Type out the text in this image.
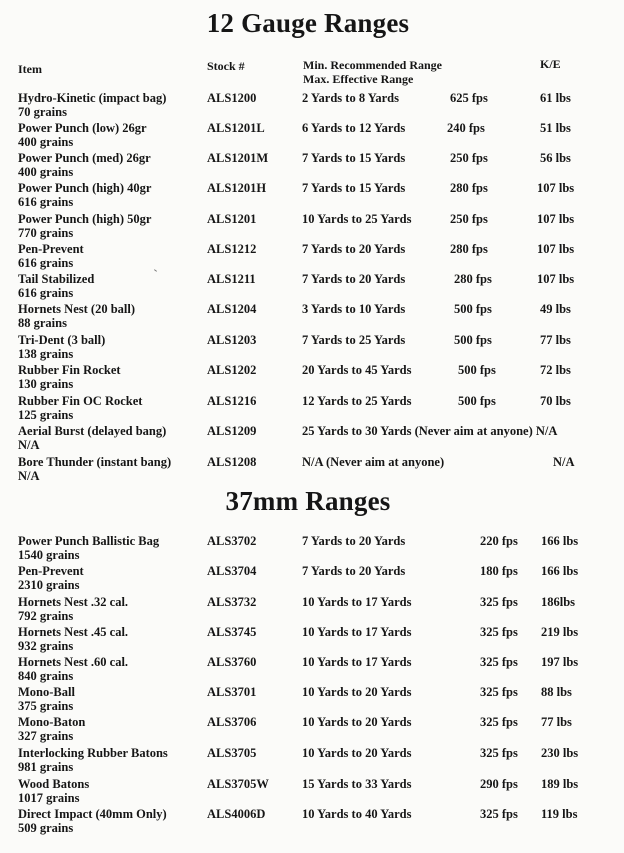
12 Gauge Ranges
Item	Stock #	Min. Recommended Range
Max. Effective Range
K/E
Hydro-Kinetic (impact bag)
70 grains
ALS1200	2 Yards to 8 Yards	625 fps	61 lbs
Power Punch (low) 26gr
400 grains
ALS1201L	6 Yards to 12 Yards	240 fps	51 lbs
Power Punch (med) 26gr
400 grains
ALS1201M	7 Yards to 15 Yards	250 fps	56 lbs
Power Punch (high) 40gr
616 grains
ALS1201H	7 Yards to 15 Yards	280 fps	107 lbs
Power Punch (high) 50gr
770 grains
ALS1201	10 Yards to 25 Yards	250 fps	107 lbs
Pen-Prevent
616 grains
ALS1212	7 Yards to 20 Yards	280 fps	107 lbs
Tail Stabilized
616 grains
ALS1211	7 Yards to 20 Yards	280 fps	107 lbs
Hornets Nest (20 ball)
88 grains
ALS1204	3 Yards to 10 Yards	500 fps	49 lbs
Tri-Dent (3 ball)
138 grains
ALS1203	7 Yards to 25 Yards	500 fps	77 lbs
Rubber Fin Rocket
130 grains
ALS1202	20 Yards to 45 Yards	500 fps	72 lbs
Rubber Fin OC Rocket
125 grains
ALS1216	12 Yards to 25 Yards	500 fps	70 lbs
Aerial Burst (delayed bang)
N/A
ALS1209	25 Yards to 30 Yards (Never aim at anyone) N/A
Bore Thunder (instant bang)
N/A
ALS1208	N/A (Never aim at anyone)	N/A
37mm Ranges
Power Punch Ballistic Bag
1540 grains
ALS3702	7 Yards to 20 Yards	220 fps 166 lbs
Pen-Prevent
2310 grains
ALS3704	7 Yards to 20 Yards	180 fps 166 lbs
Hornets Nest .32 cal.
792 grains
ALS3732	10 Yards to 17 Yards	325 fps 186lbs
Hornets Nest .45 cal.
932 grains
ALS3745	10 Yards to 17 Yards	325 fps 219 lbs
Hornets Nest .60 cal.
840 grains
ALS3760	10 Yards to 17 Yards	325 fps 197 lbs
Mono-Ball
375 grains
ALS3701	10 Yards to 20 Yards	325 fps 88 lbs
Mono-Baton
327 grains
ALS3706	10 Yards to 20 Yards	325 fps 77 lbs
Interlocking Rubber Batons
981 grains
ALS3705	10 Yards to 20 Yards	325 fps 230 lbs
Wood Batons
1017 grains
ALS3705W	15 Yards to 33 Yards	290 fps 189 lbs
Direct Impact (40mm Only)
509 grains
ALS4006D	10 Yards to 40 Yards	325 fps 119 lbs
